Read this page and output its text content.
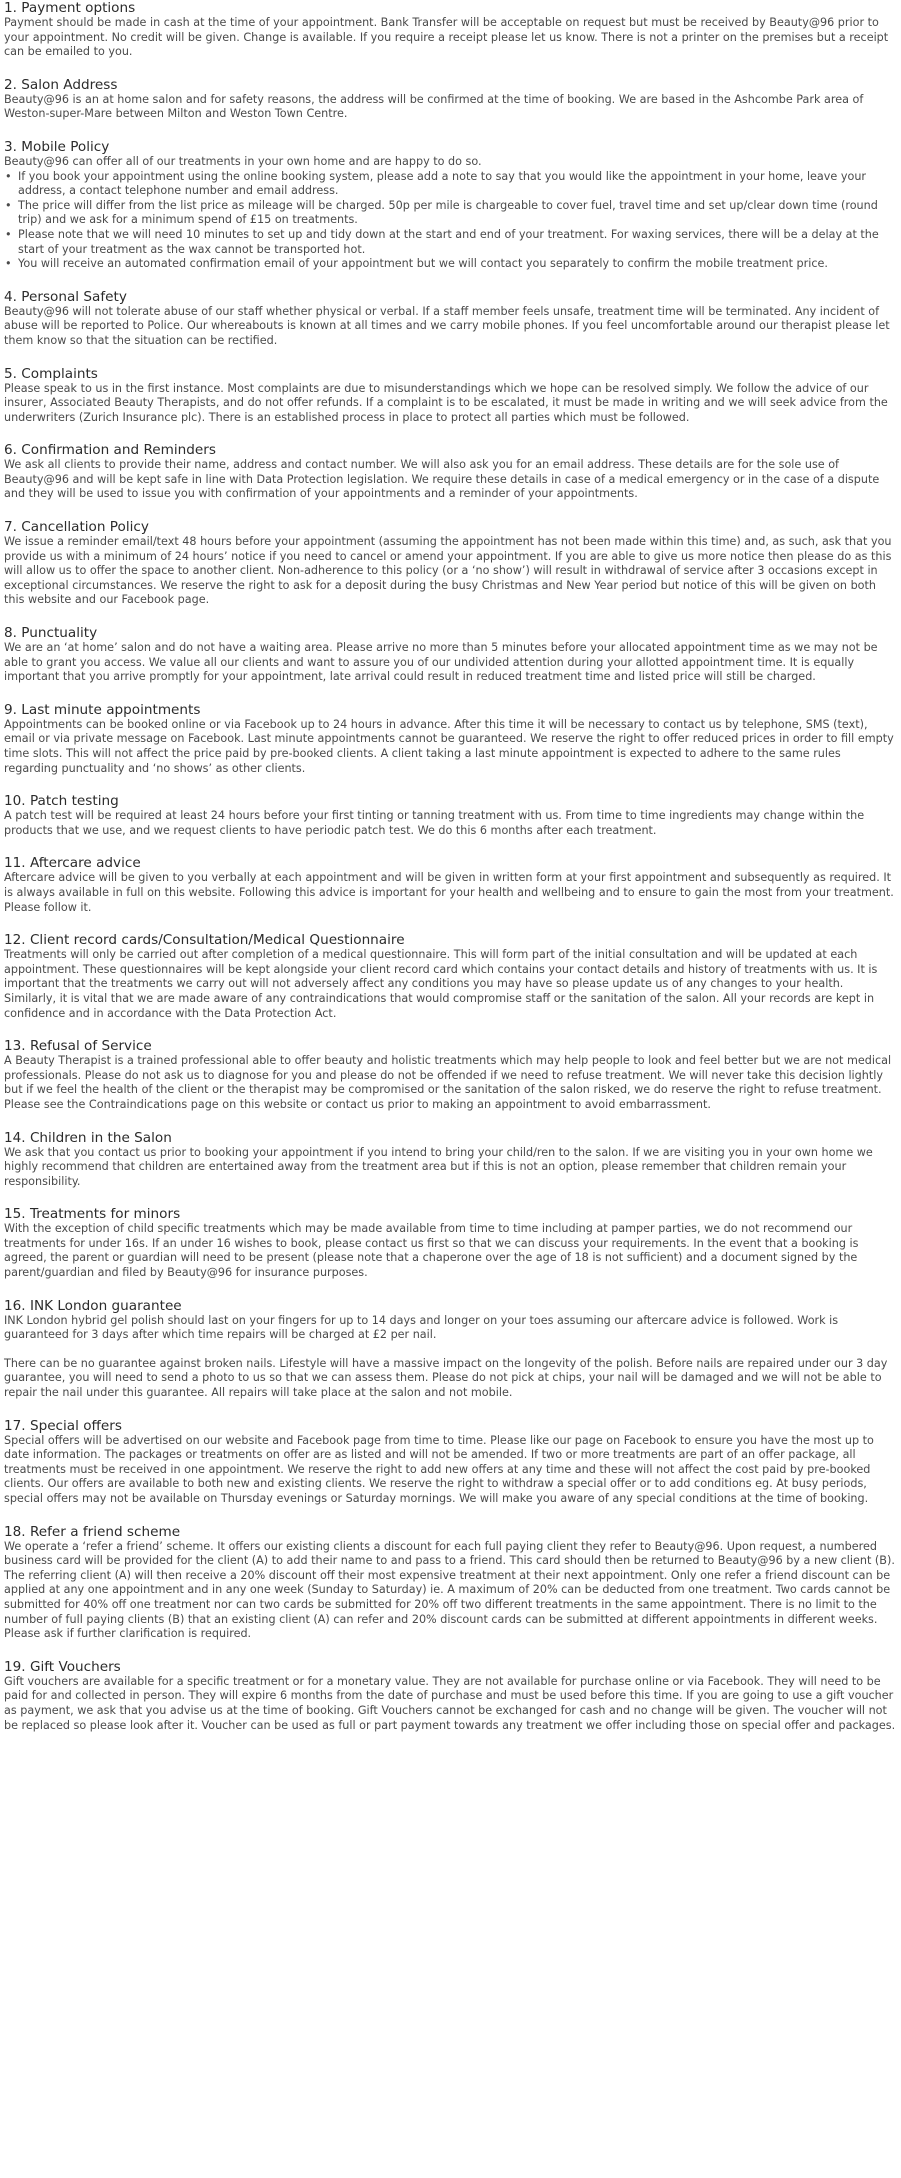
1. Payment options

Payment should be made in cash at the time of your appointment. Bank Transfer will be acceptable on request but must be received by Beauty@96 prior to your appointment. No credit will be given. Change is available. If you require a receipt please let us know. There is not a printer on the premises but a receipt can be emailed to you.

2. Salon Address

Beauty@96 is an at home salon and for safety reasons, the address will be confirmed at the time of booking. We are based in the Ashcombe Park area of Weston-super-Mare between Milton and Weston Town Centre.

3. Mobile Policy

Beauty@96 can offer all of our treatments in your own home and are happy to do so.

• If you book your appointment using the online booking system, please add a note to say that you would like the appointment in your home, leave your address, a contact telephone number and email address.
• The price will differ from the list price as mileage will be charged. 50p per mile is chargeable to cover fuel, travel time and set up/clear down time (round trip) and we ask for a minimum spend of £15 on treatments.
• Please note that we will need 10 minutes to set up and tidy down at the start and end of your treatment. For waxing services, there will be a delay at the start of your treatment as the wax cannot be transported hot.
• You will receive an automated confirmation email of your appointment but we will contact you separately to confirm the mobile treatment price.
4. Personal Safety

Beauty@96 will not tolerate abuse of our staff whether physical or verbal. If a staff member feels unsafe, treatment time will be terminated. Any incident of abuse will be reported to Police. Our whereabouts is known at all times and we carry mobile phones. If you feel uncomfortable around our therapist please let them know so that the situation can be rectified.

5. Complaints

Please speak to us in the first instance. Most complaints are due to misunderstandings which we hope can be resolved simply. We follow the advice of our insurer, Associated Beauty Therapists, and do not offer refunds. If a complaint is to be escalated, it must be made in writing and we will seek advice from the underwriters (Zurich Insurance plc). There is an established process in place to protect all parties which must be followed.

6. Confirmation and Reminders

We ask all clients to provide their name, address and contact number. We will also ask you for an email address. These details are for the sole use of Beauty@96 and will be kept safe in line with Data Protection legislation. We require these details in case of a medical emergency or in the case of a dispute and they will be used to issue you with confirmation of your appointments and a reminder of your appointments.

7. Cancellation Policy

We issue a reminder email/text 48 hours before your appointment (assuming the appointment has not been made within this time) and, as such, ask that you provide us with a minimum of 24 hours’ notice if you need to cancel or amend your appointment. If you are able to give us more notice then please do as this will allow us to offer the space to another client. Non-adherence to this policy (or a ‘no show’) will result in withdrawal of service after 3 occasions except in exceptional circumstances. We reserve the right to ask for a deposit during the busy Christmas and New Year period but notice of this will be given on both this website and our Facebook page.

8. Punctuality

We are an ‘at home’ salon and do not have a waiting area. Please arrive no more than 5 minutes before your allocated appointment time as we may not be able to grant you access. We value all our clients and want to assure you of our undivided attention during your allotted appointment time. It is equally important that you arrive promptly for your appointment, late arrival could result in reduced treatment time and listed price will still be charged.

9. Last minute appointments

Appointments can be booked online or via Facebook up to 24 hours in advance. After this time it will be necessary to contact us by telephone, SMS (text), email or via private message on Facebook. Last minute appointments cannot be guaranteed. We reserve the right to offer reduced prices in order to fill empty time slots. This will not affect the price paid by pre-booked clients. A client taking a last minute appointment is expected to adhere to the same rules regarding punctuality and ‘no shows’ as other clients.

10. Patch testing

A patch test will be required at least 24 hours before your first tinting or tanning treatment with us. From time to time ingredients may change within the products that we use, and we request clients to have periodic patch test. We do this 6 months after each treatment.

11. Aftercare advice

Aftercare advice will be given to you verbally at each appointment and will be given in written form at your first appointment and subsequently as required. It is always available in full on this website. Following this advice is important for your health and wellbeing and to ensure to gain the most from your treatment. Please follow it.

12. Client record cards/Consultation/Medical Questionnaire

Treatments will only be carried out after completion of a medical questionnaire. This will form part of the initial consultation and will be updated at each appointment. These questionnaires will be kept alongside your client record card which contains your contact details and history of treatments with us. It is important that the treatments we carry out will not adversely affect any conditions you may have so please update us of any changes to your health. Similarly, it is vital that we are made aware of any contraindications that would compromise staff or the sanitation of the salon. All your records are kept in confidence and in accordance with the Data Protection Act.

13. Refusal of Service

A Beauty Therapist is a trained professional able to offer beauty and holistic treatments which may help people to look and feel better but we are not medical professionals. Please do not ask us to diagnose for you and please do not be offended if we need to refuse treatment. We will never take this decision lightly but if we feel the health of the client or the therapist may be compromised or the sanitation of the salon risked, we do reserve the right to refuse treatment. Please see the Contraindications page on this website or contact us prior to making an appointment to avoid embarrassment.

14. Children in the Salon

We ask that you contact us prior to booking your appointment if you intend to bring your child/ren to the salon. If we are visiting you in your own home we highly recommend that children are entertained away from the treatment area but if this is not an option, please remember that children remain your responsibility.

15. Treatments for minors

With the exception of child specific treatments which may be made available from time to time including at pamper parties, we do not recommend our treatments for under 16s. If an under 16 wishes to book, please contact us first so that we can discuss your requirements. In the event that a booking is agreed, the parent or guardian will need to be present (please note that a chaperone over the age of 18 is not sufficient) and a document signed by the parent/guardian and filed by Beauty@96 for insurance purposes.

16. INK London guarantee

INK London hybrid gel polish should last on your fingers for up to 14 days and longer on your toes assuming our aftercare advice is followed. Work is guaranteed for 3 days after which time repairs will be charged at £2 per nail.

There can be no guarantee against broken nails. Lifestyle will have a massive impact on the longevity of the polish. Before nails are repaired under our 3 day guarantee, you will need to send a photo to us so that we can assess them. Please do not pick at chips, your nail will be damaged and we will not be able to repair the nail under this guarantee. All repairs will take place at the salon and not mobile.

17. Special offers

Special offers will be advertised on our website and Facebook page from time to time. Please like our page on Facebook to ensure you have the most up to date information. The packages or treatments on offer are as listed and will not be amended. If two or more treatments are part of an offer package, all treatments must be received in one appointment. We reserve the right to add new offers at any time and these will not affect the cost paid by pre-booked clients. Our offers are available to both new and existing clients. We reserve the right to withdraw a special offer or to add conditions eg. At busy periods, special offers may not be available on Thursday evenings or Saturday mornings. We will make you aware of any special conditions at the time of booking.

18. Refer a friend scheme

We operate a ‘refer a friend’ scheme. It offers our existing clients a discount for each full paying client they refer to Beauty@96. Upon request, a numbered business card will be provided for the client (A) to add their name to and pass to a friend. This card should then be returned to Beauty@96 by a new client (B). The referring client (A) will then receive a 20% discount off their most expensive treatment at their next appointment. Only one refer a friend discount can be applied at any one appointment and in any one week (Sunday to Saturday) ie. A maximum of 20% can be deducted from one treatment. Two cards cannot be submitted for 40% off one treatment nor can two cards be submitted for 20% off two different treatments in the same appointment. There is no limit to the number of full paying clients (B) that an existing client (A) can refer and 20% discount cards can be submitted at different appointments in different weeks. Please ask if further clarification is required.

19. Gift Vouchers

Gift vouchers are available for a specific treatment or for a monetary value. They are not available for purchase online or via Facebook. They will need to be paid for and collected in person. They will expire 6 months from the date of purchase and must be used before this time. If you are going to use a gift voucher as payment, we ask that you advise us at the time of booking. Gift Vouchers cannot be exchanged for cash and no change will be given. The voucher will not be replaced so please look after it. Voucher can be used as full or part payment towards any treatment we offer including those on special offer and packages.
